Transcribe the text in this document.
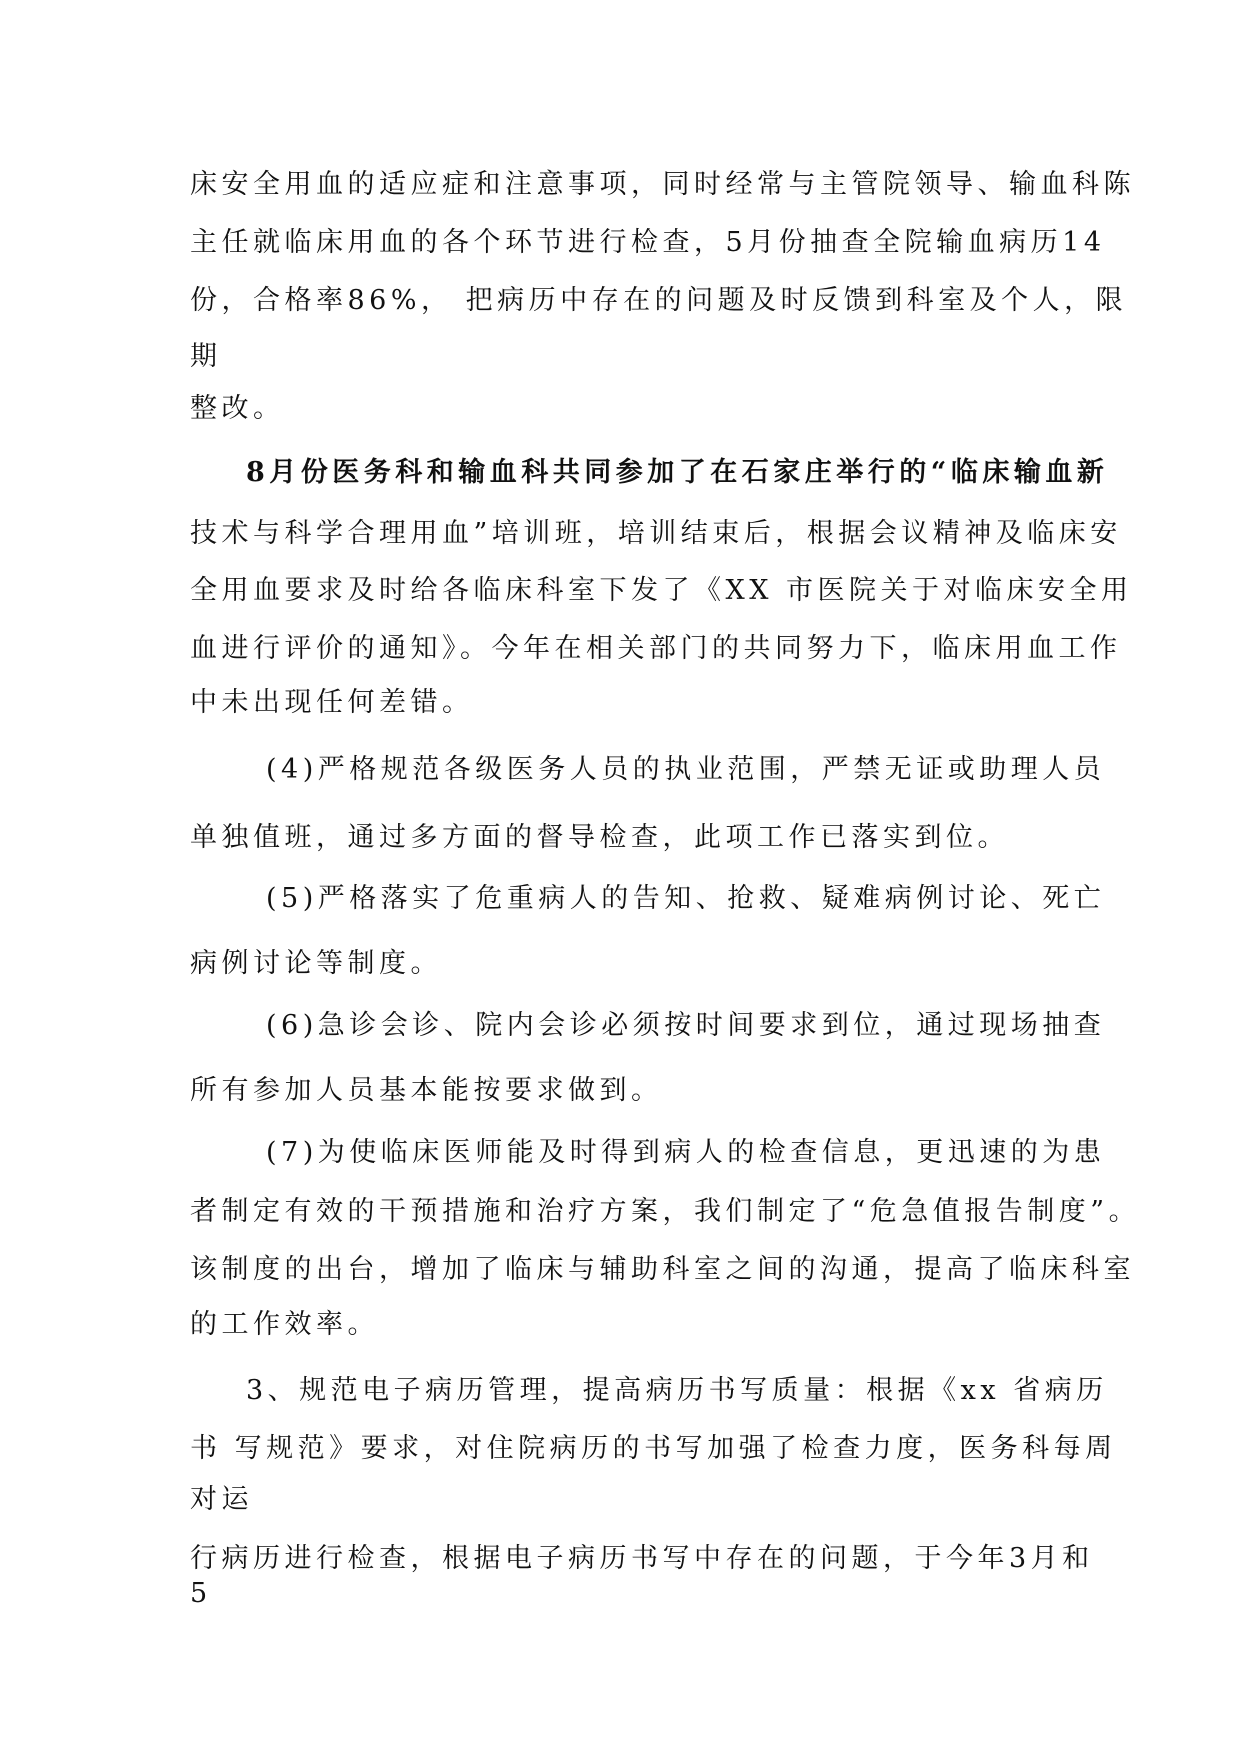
床安全用血的适应症和注意事项，同时经常与主管院领导、输血科陈
主任就临床用血的各个环节进行检查，5月份抽查全院输血病历14
份，合格率86%， 把病历中存在的问题及时反馈到科室及个人，限
期
整改。
8月份医务科和输血科共同参加了在石家庄举行的“临床输血新
技术与科学合理用血”培训班，培训结束后，根据会议精神及临床安
全用血要求及时给各临床科室下发了《XX 市医院关于对临床安全用
血进行评价的通知》。今年在相关部门的共同努力下，临床用血工作
中未出现任何差错。
(4)严格规范各级医务人员的执业范围，严禁无证或助理人员
单独值班，通过多方面的督导检查，此项工作已落实到位。
(5)严格落实了危重病人的告知、抢救、疑难病例讨论、死亡
病例讨论等制度。
(6)急诊会诊、院内会诊必须按时间要求到位，通过现场抽查
所有参加人员基本能按要求做到。
(7)为使临床医师能及时得到病人的检查信息，更迅速的为患
者制定有效的干预措施和治疗方案，我们制定了“危急值报告制度”。
该制度的出台，增加了临床与辅助科室之间的沟通，提高了临床科室
的工作效率。
3、规范电子病历管理，提高病历书写质量：根据《xx 省病历
书 写规范》要求，对住院病历的书写加强了检查力度，医务科每周
对运
行病历进行检查，根据电子病历书写中存在的问题，于今年3月和
5
